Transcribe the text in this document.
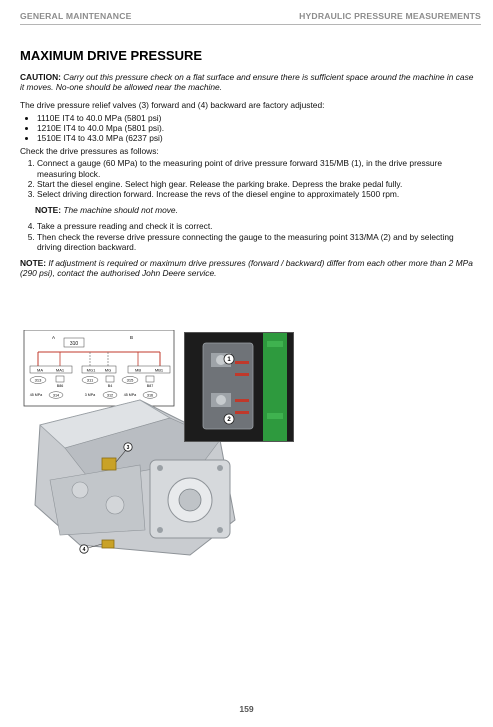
GENERAL MAINTENANCE	HYDRAULIC PRESSURE MEASUREMENTS
MAXIMUM DRIVE PRESSURE

CAUTION: Carry out this pressure check on a flat surface and ensure there is sufficient space around the machine in case it moves. No-one should be allowed near the machine.

The drive pressure relief valves (3) forward and (4) backward are factory adjusted:

• 1110E IT4 to 40.0 MPa (5801 psi)
• 1210E IT4 to 40.0 Mpa (5801 psi).
• 1510E IT4 to 43.0 MPa (6237 psi)

Check the drive pressures as follows:

1. Connect a gauge (60 MPa) to the measuring point of drive pressure forward 315/MB (1), in the drive pressure measuring block.
2. Start the diesel engine. Select high gear. Release the parking brake. Depress the brake pedal fully.
3. Select driving direction forward. Increase the revs of the diesel engine to approximately 1500 rpm.

NOTE: The machine should not move.

4. Take a pressure reading and check it is correct.
5. Then check the reverse drive pressure connecting the gauge to the measuring point 313/MA (2) and by selecting driving direction backward.

NOTE: If adjustment is required or maximum drive pressures (forward / backward) differ from each other more than 2 MPa (290 psi), contact the authorised John Deere service.

310
A	B
MA	MA1	MG1 MG	MB	MB1
313	311	315
B86	B4	B87
45 MPa	314	3 MPa	312	45 MPa	316
3
4
1
2
159
